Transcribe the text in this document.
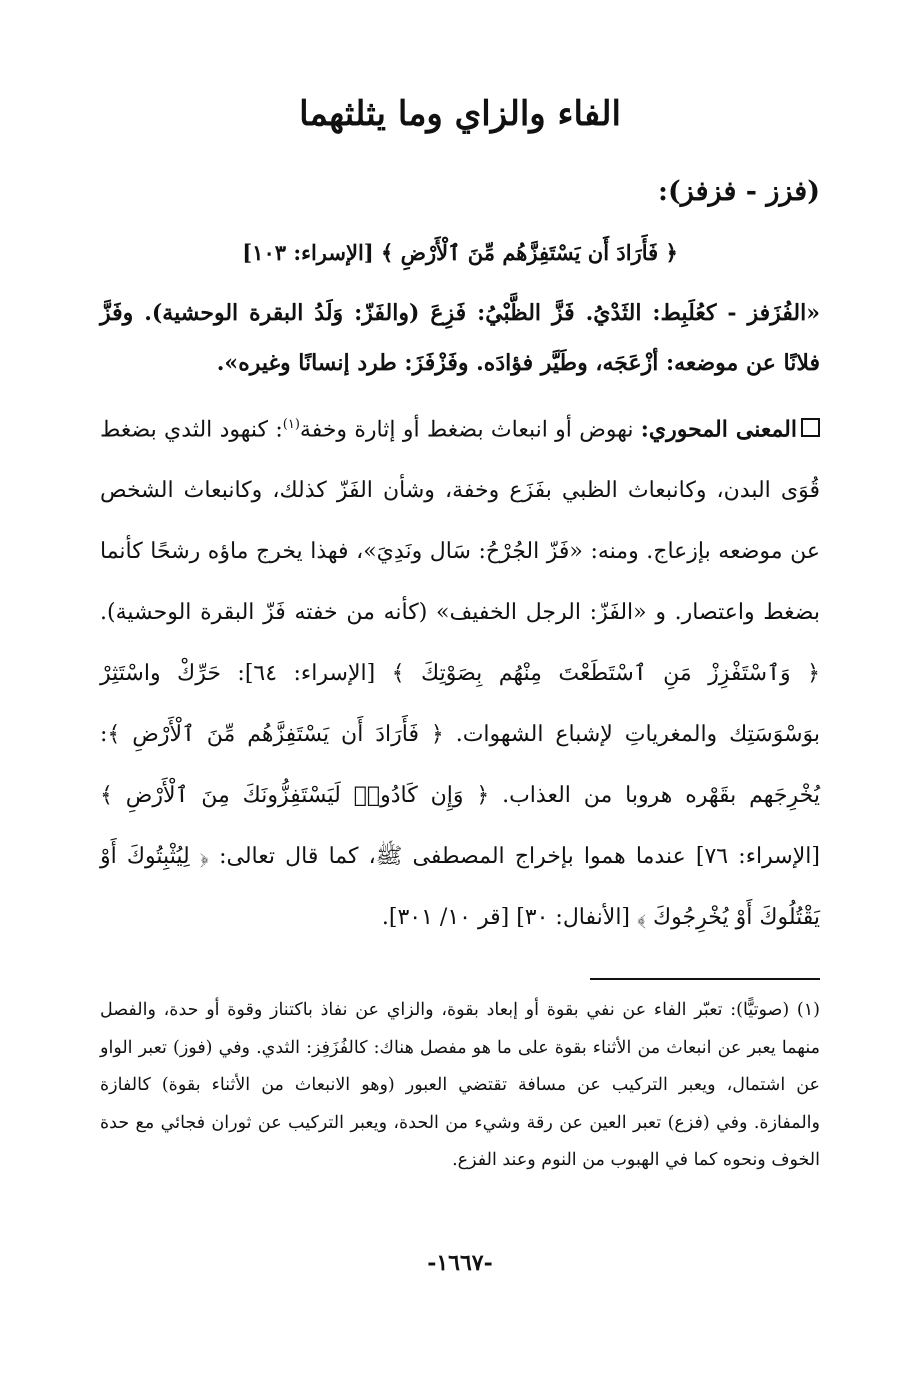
الفاء والزاي وما يثلثهما
(فزز - فزفز):
﴿ فَأَرَادَ أَن يَسْتَفِزَّهُم مِّنَ ٱلْأَرْضِ ﴾ [الإسراء: ١٠٣]

«الفُزَفز - كعُلَبِط: الثَدْيُ. فَزَّ الظَّبْيُ: فَزِعَ (والفَزّ: وَلَدُ البقرة الوحشية). وفَزَّ فلانًا عن موضعه: أزْعَجَه، وطَيَّر فؤادَه. وفَزْفَزَ: طرد إنسانًا وغيره».

المعنى المحوري: نهوض أو انبعاث بضغط أو إثارة وخفة$^{(١)}$: كنهود الثدي بضغط قُوَى البدن، وكانبعاث الظبي بفَزَع وخفة، وشأن الفَزّ كذلك، وكانبعاث الشخص عن موضعه بإزعاج. ومنه: «فَزّ الجُرْحُ: سَال ونَدِيَ»، فهذا يخرج ماؤه رشحًا كأنما بضغط واعتصار. و «الفَزّ: الرجل الخفيف» (كأنه من خفته فَزّ البقرة الوحشية). ﴿ وَٱسْتَفْزِزْ مَنِ ٱسْتَطَعْتَ مِنْهُم بِصَوْتِكَ ﴾ [الإسراء: ٦٤]: حَرِّكْ واسْتَثِرْ بوَسْوَسَتِك والمغرياتِ لإشباع الشهوات. ﴿ فَأَرَادَ أَن يَسْتَفِزَّهُم مِّنَ ٱلْأَرْضِ ﴾: يُخْرِجَهم بقَهْره هروبا من العذاب. ﴿ وَإِن كَادُوا۟ لَيَسْتَفِزُّونَكَ مِنَ ٱلْأَرْضِ ﴾ [الإسراء: ٧٦] عندما هموا بإخراج المصطفى ﷺ، كما قال تعالى: ﴿ لِيُثْبِتُوكَ أَوْ يَقْتُلُوكَ أَوْ يُخْرِجُوكَ ﴾ [الأنفال: ٣٠] [قر ١٠/ ٣٠١].

(١) (صوتيًّا): تعبّر الفاء عن نفي بقوة أو إبعاد بقوة، والزاي عن نفاذ باكتناز وقوة أو حدة، والفصل منهما يعبر عن انبعاث من الأثناء بقوة على ما هو مفصل هناك: كالفُزَفِز: الثدي. وفي (فوز) تعبر الواو عن اشتمال، ويعبر التركيب عن مسافة تقتضي العبور (وهو الانبعاث من الأثناء بقوة) كالفازة والمفازة. وفي (فزع) تعبر العين عن رقة وشيء من الحدة، ويعبر التركيب عن ثوران فجائي مع حدة الخوف ونحوه كما في الهبوب من النوم وعند الفزع.

-١٦٦٧-
